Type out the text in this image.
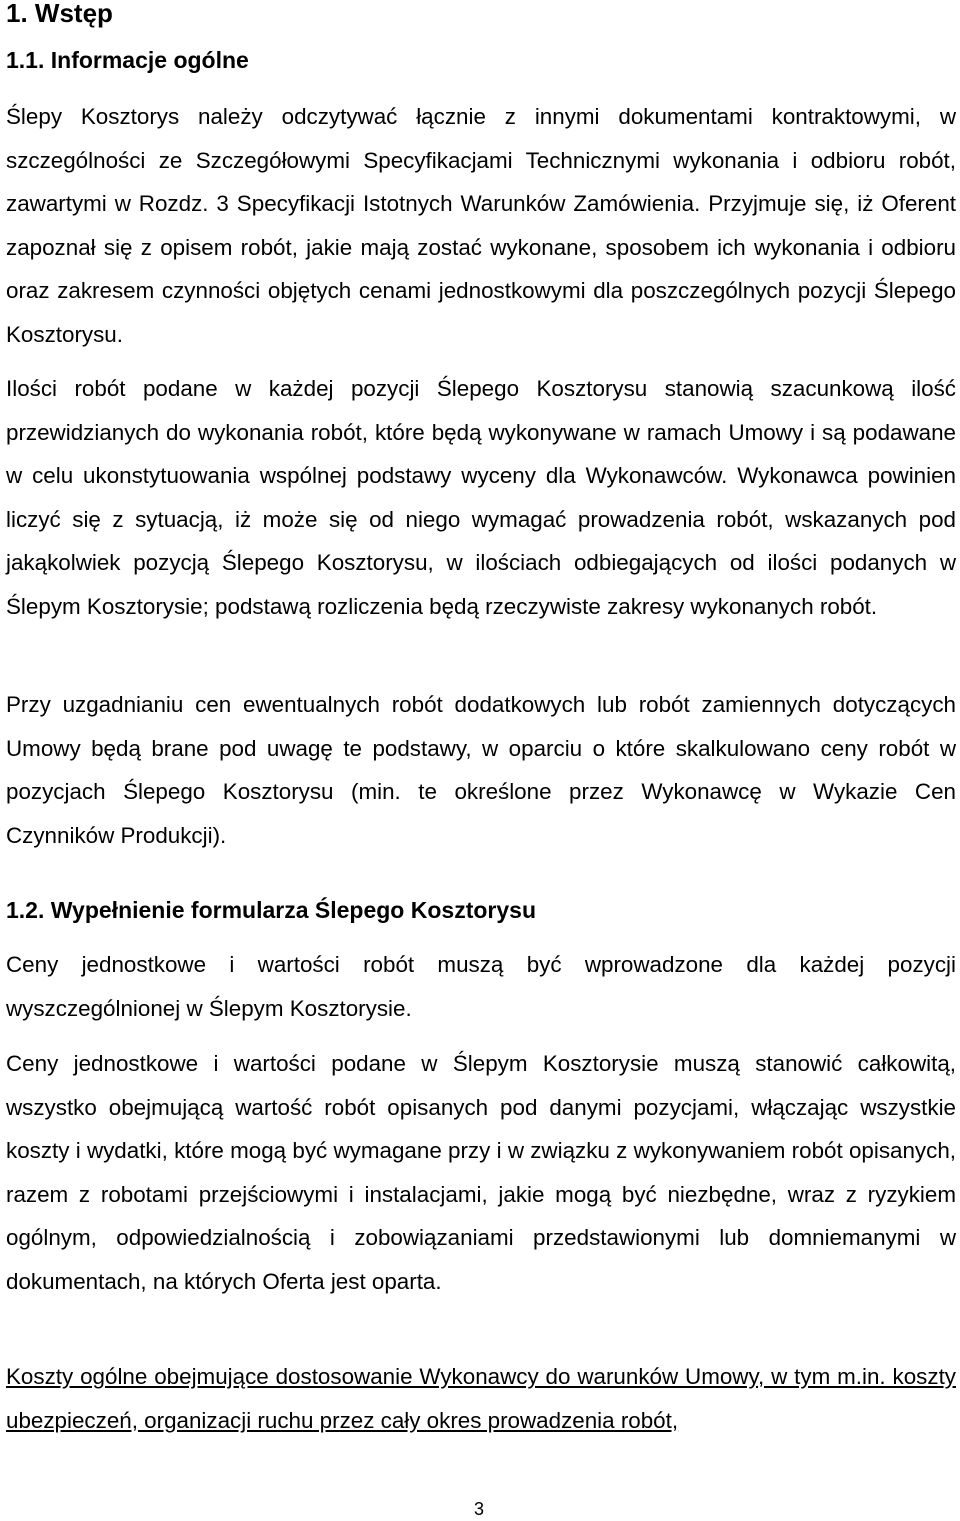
1. Wstęp
1.1. Informacje ogólne

Ślepy Kosztorys należy odczytywać łącznie z innymi dokumentami kontraktowymi, w szczególności ze Szczegółowymi Specyfikacjami Technicznymi wykonania i odbioru robót, zawartymi w Rozdz. 3 Specyfikacji Istotnych Warunków Zamówienia. Przyjmuje się, iż Oferent zapoznał się z opisem robót, jakie mają zostać wykonane, sposobem ich wykonania i odbioru oraz zakresem czynności objętych cenami jednostkowymi dla poszczególnych pozycji Ślepego Kosztorysu.

Ilości robót podane w każdej pozycji Ślepego Kosztorysu stanowią szacunkową ilość przewidzianych do wykonania robót, które będą wykonywane w ramach Umowy i są podawane w celu ukonstytuowania wspólnej podstawy wyceny dla Wykonawców. Wykonawca powinien liczyć się z sytuacją, iż może się od niego wymagać prowadzenia robót, wskazanych pod jakąkolwiek pozycją Ślepego Kosztorysu, w ilościach odbiegających od ilości podanych w Ślepym Kosztorysie; podstawą rozliczenia będą rzeczywiste zakresy wykonanych robót.

Przy uzgadnianiu cen ewentualnych robót dodatkowych lub robót zamiennych dotyczących Umowy będą brane pod uwagę te podstawy, w oparciu o które skalkulowano ceny robót w pozycjach Ślepego Kosztorysu (min. te określone przez Wykonawcę w Wykazie Cen Czynników Produkcji).

1.2. Wypełnienie formularza Ślepego Kosztorysu

Ceny jednostkowe i wartości robót muszą być wprowadzone dla każdej pozycji wyszczególnionej w Ślepym Kosztorysie.

Ceny jednostkowe i wartości podane w Ślepym Kosztorysie muszą stanowić całkowitą, wszystko obejmującą wartość robót opisanych pod danymi pozycjami, włączając wszystkie koszty i wydatki, które mogą być wymagane przy i w związku z wykonywaniem robót opisanych, razem z robotami przejściowymi i instalacjami, jakie mogą być niezbędne, wraz z ryzykiem ogólnym, odpowiedzialnością i zobowiązaniami przedstawionymi lub domniemanymi w dokumentach, na których Oferta jest oparta.

Koszty ogólne obejmujące dostosowanie Wykonawcy do warunków Umowy, w tym m.in. koszty ubezpieczeń, organizacji ruchu przez cały okres prowadzenia robót,

3
